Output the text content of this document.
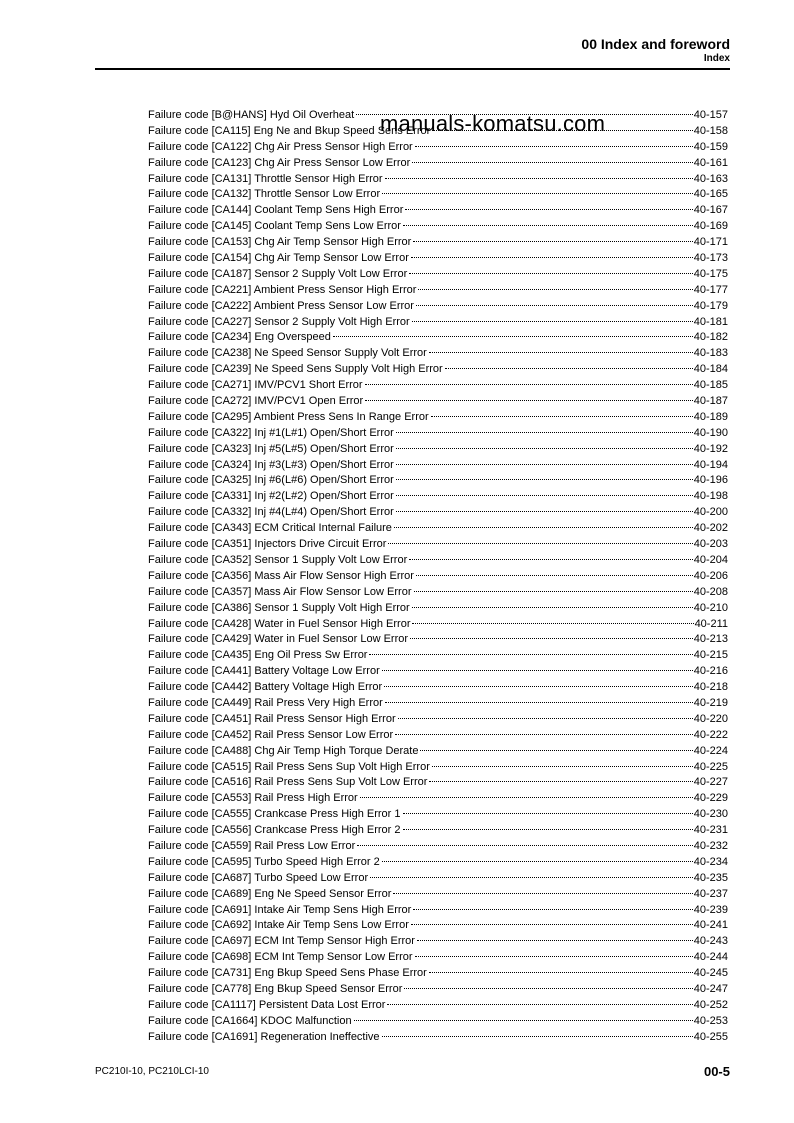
00 Index and foreword
Index
Failure code [B@HANS] Hyd Oil Overheat	40-157
Failure code [CA115] Eng Ne and Bkup Speed Sens Error	40-158
Failure code [CA122] Chg Air Press Sensor High Error	40-159
Failure code [CA123] Chg Air Press Sensor Low Error	40-161
Failure code [CA131] Throttle Sensor High Error	40-163
Failure code [CA132] Throttle Sensor Low Error	40-165
Failure code [CA144] Coolant Temp Sens High Error	40-167
Failure code [CA145] Coolant Temp Sens Low Error	40-169
Failure code [CA153] Chg Air Temp Sensor High Error	40-171
Failure code [CA154] Chg Air Temp Sensor Low Error	40-173
Failure code [CA187] Sensor 2 Supply Volt Low Error	40-175
Failure code [CA221] Ambient Press Sensor High Error	40-177
Failure code [CA222] Ambient Press Sensor Low Error	40-179
Failure code [CA227] Sensor 2 Supply Volt High Error	40-181
Failure code [CA234] Eng Overspeed	40-182
Failure code [CA238] Ne Speed Sensor Supply Volt Error	40-183
Failure code [CA239] Ne Speed Sens Supply Volt High Error	40-184
Failure code [CA271] IMV/PCV1 Short Error	40-185
Failure code [CA272] IMV/PCV1 Open Error	40-187
Failure code [CA295] Ambient Press Sens In Range Error	40-189
Failure code [CA322] Inj #1(L#1) Open/Short Error	40-190
Failure code [CA323] Inj #5(L#5) Open/Short Error	40-192
Failure code [CA324] Inj #3(L#3) Open/Short Error	40-194
Failure code [CA325] Inj #6(L#6) Open/Short Error	40-196
Failure code [CA331] Inj #2(L#2) Open/Short Error	40-198
Failure code [CA332] Inj #4(L#4) Open/Short Error	40-200
Failure code [CA343] ECM Critical Internal Failure	40-202
Failure code [CA351] Injectors Drive Circuit Error	40-203
Failure code [CA352] Sensor 1 Supply Volt Low Error	40-204
Failure code [CA356] Mass Air Flow Sensor High Error	40-206
Failure code [CA357] Mass Air Flow Sensor Low Error	40-208
Failure code [CA386] Sensor 1 Supply Volt High Error	40-210
Failure code [CA428] Water in Fuel Sensor High Error	40-211
Failure code [CA429] Water in Fuel Sensor Low Error	40-213
Failure code [CA435] Eng Oil Press Sw Error	40-215
Failure code [CA441] Battery Voltage Low Error	40-216
Failure code [CA442] Battery Voltage High Error	40-218
Failure code [CA449] Rail Press Very High Error	40-219
Failure code [CA451] Rail Press Sensor High Error	40-220
Failure code [CA452] Rail Press Sensor Low Error	40-222
Failure code [CA488] Chg Air Temp High Torque Derate	40-224
Failure code [CA515] Rail Press Sens Sup Volt High Error	40-225
Failure code [CA516] Rail Press Sens Sup Volt Low Error	40-227
Failure code [CA553] Rail Press High Error	40-229
Failure code [CA555] Crankcase Press High Error 1	40-230
Failure code [CA556] Crankcase Press High Error 2	40-231
Failure code [CA559] Rail Press Low Error	40-232
Failure code [CA595] Turbo Speed High Error 2	40-234
Failure code [CA687] Turbo Speed Low Error	40-235
Failure code [CA689] Eng Ne Speed Sensor Error	40-237
Failure code [CA691] Intake Air Temp Sens High Error	40-239
Failure code [CA692] Intake Air Temp Sens Low Error	40-241
Failure code [CA697] ECM Int Temp Sensor High Error	40-243
Failure code [CA698] ECM Int Temp Sensor Low Error	40-244
Failure code [CA731] Eng Bkup Speed Sens Phase Error	40-245
Failure code [CA778] Eng Bkup Speed Sensor Error	40-247
Failure code [CA1117] Persistent Data Lost Error	40-252
Failure code [CA1664] KDOC Malfunction	40-253
Failure code [CA1691] Regeneration Ineffective	40-255
manuals-komatsu.com
PC210I-10, PC210LCI-10	00-5
